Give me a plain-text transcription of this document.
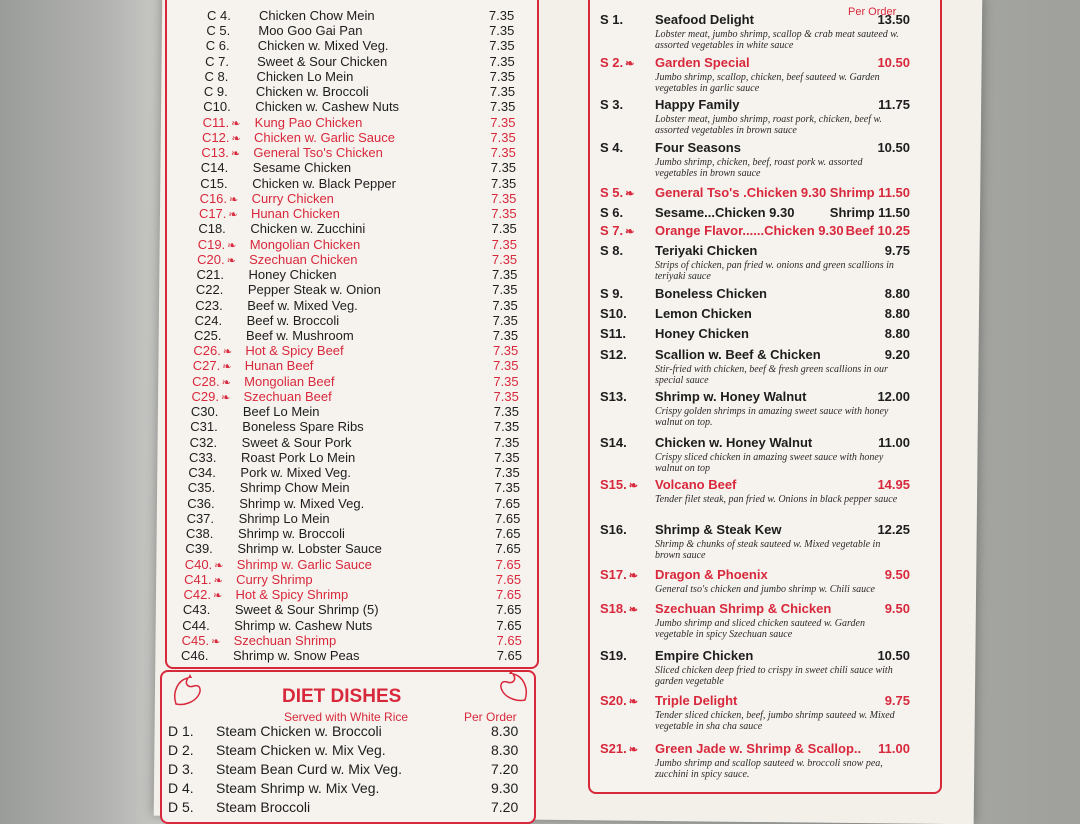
C 4.	Chicken Chow Mein	7.35
C 5.	Moo Goo Gai Pan	7.35
C 6.	Chicken w. Mixed Veg.	7.35
C 7.	Sweet & Sour Chicken	7.35
C 8.	Chicken Lo Mein	7.35
C 9.	Chicken w. Broccoli	7.35
C10.	Chicken w. Cashew Nuts	7.35
C11. ❧	Kung Pao Chicken	7.35
C12. ❧	Chicken w. Garlic Sauce	7.35
C13. ❧	General Tso's Chicken	7.35
C14.	Sesame Chicken	7.35
C15.	Chicken w. Black Pepper	7.35
C16. ❧	Curry Chicken	7.35
C17. ❧	Hunan Chicken	7.35
C18.	Chicken w. Zucchini	7.35
C19. ❧	Mongolian Chicken	7.35
C20. ❧	Szechuan Chicken	7.35
C21.	Honey Chicken	7.35
C22.	Pepper Steak w. Onion	7.35
C23.	Beef w. Mixed Veg.	7.35
C24.	Beef w. Broccoli	7.35
C25.	Beef w. Mushroom	7.35
C26. ❧	Hot & Spicy Beef	7.35
C27. ❧	Hunan Beef	7.35
C28. ❧	Mongolian Beef	7.35
C29. ❧	Szechuan Beef	7.35
C30.	Beef Lo Mein	7.35
C31.	Boneless Spare Ribs	7.35
C32.	Sweet & Sour Pork	7.35
C33.	Roast Pork Lo Mein	7.35
C34.	Pork w. Mixed Veg.	7.35
C35.	Shrimp Chow Mein	7.35
C36.	Shrimp w. Mixed Veg.	7.65
C37.	Shrimp Lo Mein	7.65
C38.	Shrimp w. Broccoli	7.65
C39.	Shrimp w. Lobster Sauce	7.65
C40. ❧	Shrimp w. Garlic Sauce	7.65
C41. ❧	Curry Shrimp	7.65
C42. ❧	Hot & Spicy Shrimp	7.65
C43.	Sweet & Sour Shrimp (5)	7.65
C44.	Shrimp w. Cashew Nuts	7.65
C45. ❧	Szechuan Shrimp	7.65
C46.	Shrimp w. Snow Peas	7.65
DIET DISHES
Served with White Rice	Per Order
D 1.	Steam Chicken w. Broccoli	8.30
D 2.	Steam Chicken w. Mix Veg.	8.30
D 3.	Steam Bean Curd w. Mix Veg.	7.20
D 4.	Steam Shrimp w. Mix Veg.	9.30
D 5.	Steam Broccoli	7.20
Per Order
S 1. Seafood Delight	13.50
Lobster meat, jumbo shrimp, scallop & crab meat sauteed w. assorted vegetables in white sauce
S 2. ❧ Garden Special	10.50
Jumbo shrimp, scallop, chicken, beef sauteed w. Garden vegetables in garlic sauce
S 3. Happy Family	11.75
Lobster meat, jumbo shrimp, roast pork, chicken, beef w. assorted vegetables in brown sauce
S 4. Four Seasons	10.50
Jumbo shrimp, chicken, beef, roast pork w. assorted vegetables in brown sauce
S 5. ❧ General Tso's .Chicken 9.30 Shrimp 11.50
S 6. Sesame...Chicken 9.30	Shrimp 11.50
S 7. ❧ Orange Flavor......Chicken 9.30 Beef 10.25
S 8. Teriyaki Chicken	9.75
Strips of chicken, pan fried w. onions and green scallions in teriyaki sauce
S 9. Boneless Chicken	8.80
S10. Lemon Chicken	8.80
S11. Honey Chicken	8.80
S12. Scallion w. Beef & Chicken	9.20
Stir-fried with chicken, beef & fresh green scallions in our special sauce
S13. Shrimp w. Honey Walnut	12.00
Crispy golden shrimps in amazing sweet sauce with honey walnut on top.
S14. Chicken w. Honey Walnut	11.00
Crispy sliced chicken in amazing sweet sauce with honey walnut on top
S15. ❧ Volcano Beef	14.95
Tender filet steak, pan fried w. Onions in black pepper sauce
S16. Shrimp & Steak Kew	12.25
Shrimp & chunks of steak sauteed w. Mixed vegetable in brown sauce
S17. ❧ Dragon & Phoenix	9.50
General tso's chicken and jumbo shrimp w. Chili sauce
S18. ❧ Szechuan Shrimp & Chicken	9.50
Jumbo shrimp and sliced chicken sauteed w. Garden vegetable in spicy Szechuan sauce
S19. Empire Chicken	10.50
Sliced chicken deep fried to crispy in sweet chili sauce with garden vegetable
S20. ❧ Triple Delight	9.75
Tender sliced chicken, beef, jumbo shrimp sauteed w. Mixed vegetable in sha cha sauce
S21. ❧ Green Jade w. Shrimp & Scallop.. 11.00
Jumbo shrimp and scallop sauteed w. broccoli snow pea, zucchini in spicy sauce.
